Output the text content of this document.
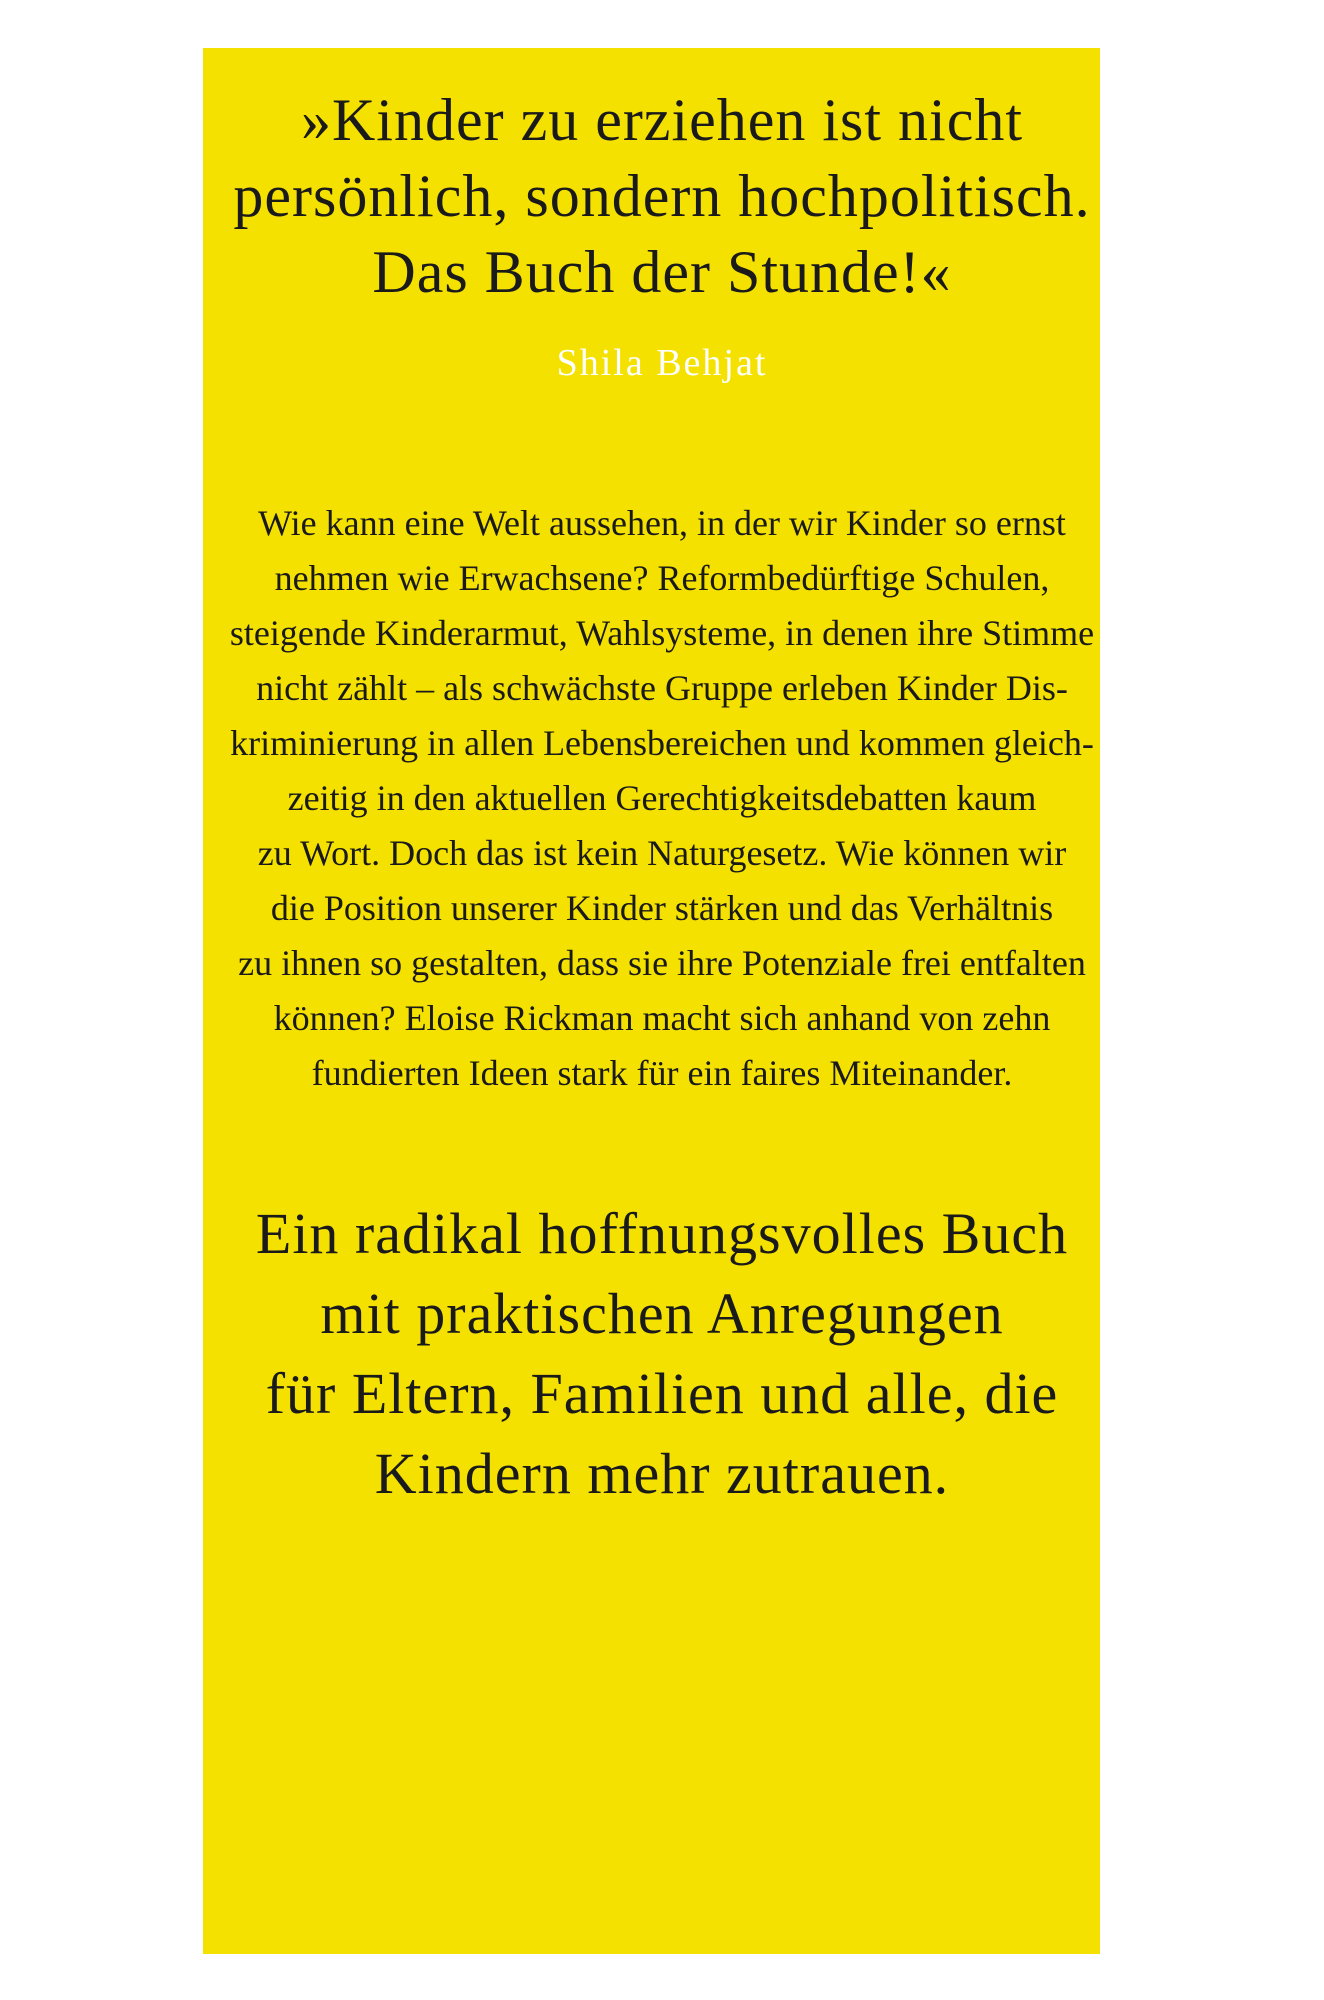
»Kinder zu erziehen ist nicht
persönlich, sondern hochpolitisch.
Das Buch der Stunde!«
Shila Behjat
Wie kann eine Welt aussehen, in der wir Kinder so ernst
nehmen wie Erwachsene? Reformbedürftige Schulen,
steigende Kinderarmut, Wahlsysteme, in denen ihre Stimme
nicht zählt – als schwächste Gruppe erleben Kinder Dis-
kriminierung in allen Lebensbereichen und kommen gleich-
zeitig in den aktuellen Gerechtigkeitsdebatten kaum
zu Wort. Doch das ist kein Naturgesetz. Wie können wir
die Position unserer Kinder stärken und das Verhältnis
zu ihnen so gestalten, dass sie ihre Potenziale frei entfalten
können? Eloise Rickman macht sich anhand von zehn
fundierten Ideen stark für ein faires Miteinander.
Ein radikal hoffnungsvolles Buch
mit praktischen Anregungen
für Eltern, Familien und alle, die
Kindern mehr zutrauen.
